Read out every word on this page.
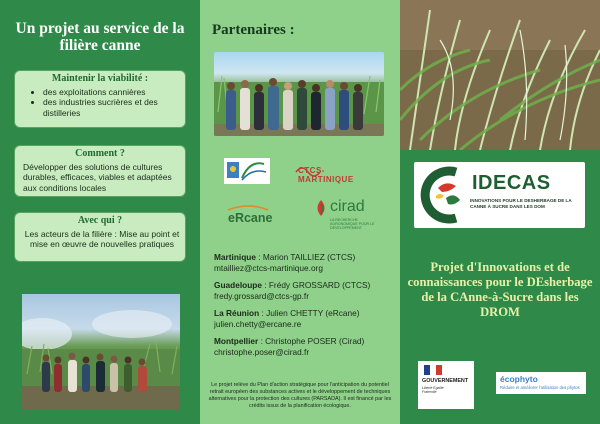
Un projet au service de la filière canne
Maintenir la viabilité :
• des exploitations cannières
• des industries sucrières et des distilleries
Comment ?
Développer des solutions de cultures durables, efficaces, viables et adaptées aux conditions locales
Avec qui ?
Les acteurs de la filière : Mise au point et mise en œuvre de nouvelles pratiques
Partenaires :
CTCS-MARTINIQUE
eRcane
cirad
LA RECHERCHE AGRONOMIQUE POUR LE DÉVELOPPEMENT
Martinique : Marion TAILLIEZ (CTCS)
mtailliez@ctcs-martinique.org
Guadeloupe : Frédy GROSSARD (CTCS)
fredy.grossard@ctcs-gp.fr
La Réunion : Julien CHETTY (eRcane)
julien.chetty@ercane.re
Montpellier : Christophe POSER (Cirad)
christophe.poser@cirad.fr
Le projet relève du Plan d'action stratégique pour l'anticipation du potentiel retrait européen des substances actives et le développement de techniques alternatives pour la protection des cultures (PARSADA). Il est financé par les crédits issus de la planification écologique.
IDECAS
INNOVATIONS POUR LE DESHERBAGE DE LA CANNE À SUCRE DANS LES DOM
Projet d'Innovations et de connaissances pour le DEsherbage de la CAnne-à-Sucre dans les DROM
GOUVERNEMENT
Liberté Égalité Fraternité
écophyto
Réduire et améliorer l'utilisation des phytos
